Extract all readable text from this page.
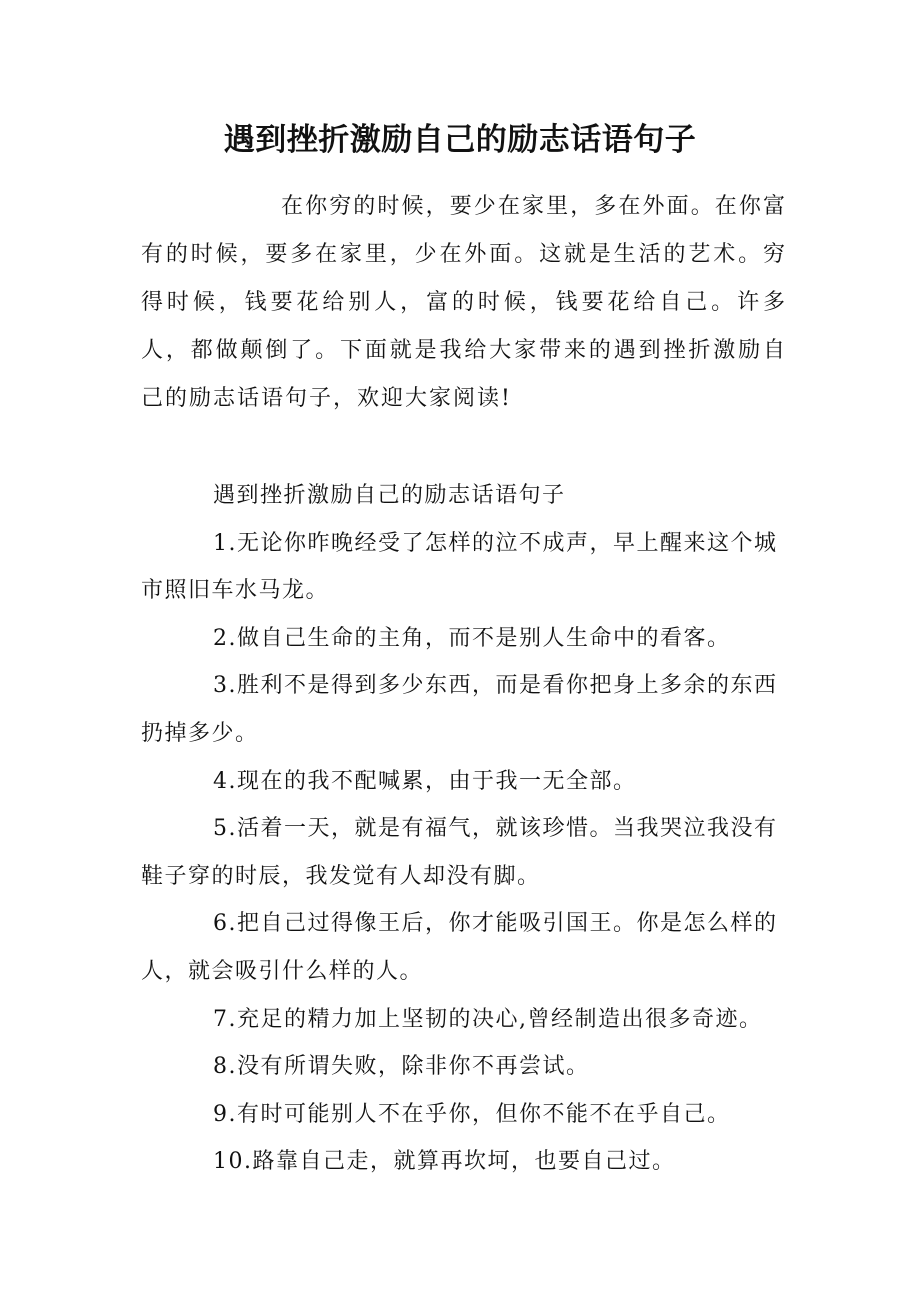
遇到挫折激励自己的励志话语句子

在你穷的时候，要少在家里，多在外面。在你富有的时候，要多在家里，少在外面。这就是生活的艺术。穷得时候，钱要花给别人，富的时候，钱要花给自己。许多人，都做颠倒了。下面就是我给大家带来的遇到挫折激励自己的励志话语句子，欢迎大家阅读!

遇到挫折激励自己的励志话语句子

1.无论你昨晚经受了怎样的泣不成声，早上醒来这个城市照旧车水马龙。

2.做自己生命的主角，而不是别人生命中的看客。

3.胜利不是得到多少东西，而是看你把身上多余的东西扔掉多少。

4.现在的我不配喊累，由于我一无全部。

5.活着一天，就是有福气，就该珍惜。当我哭泣我没有鞋子穿的时辰，我发觉有人却没有脚。

6.把自己过得像王后，你才能吸引国王。你是怎么样的人，就会吸引什么样的人。

7.充足的精力加上坚韧的决心,曾经制造出很多奇迹。

8.没有所谓失败，除非你不再尝试。

9.有时可能别人不在乎你，但你不能不在乎自己。

10.路靠自己走，就算再坎坷，也要自己过。
